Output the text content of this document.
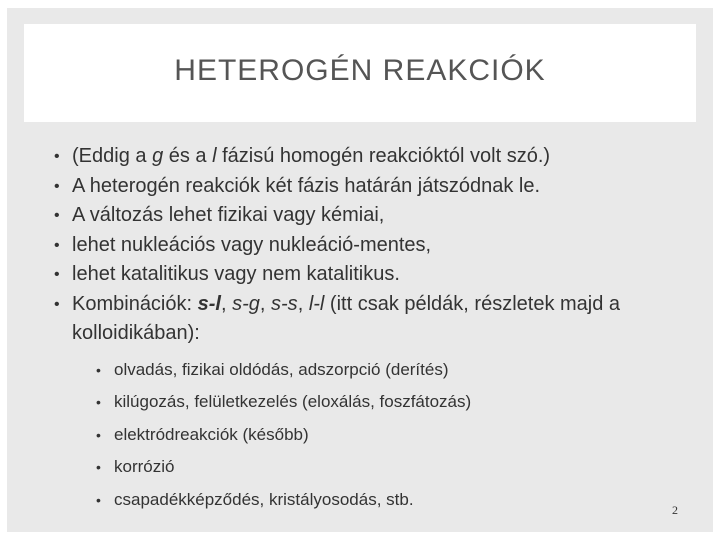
HETEROGÉN REAKCIÓK
• (Eddig a g és a l fázisú homogén reakcióktól volt szó.)
• A heterogén reakciók két fázis határán játszódnak le.
• A változás lehet fizikai vagy kémiai,
• lehet nukleációs vagy nukleáció-mentes,
• lehet katalitikus vagy nem katalitikus.
• Kombinációk: s-l, s-g, s-s, l-l (itt csak példák, részletek majd a kolloidikában):
• olvadás, fizikai oldódás, adszorpció (derítés)
• kilúgozás, felületkezelés (eloxálás, foszfátozás)
• elektródreakciók (később)
• korrózió
• csapadékképződés, kristályosodás, stb.
2
